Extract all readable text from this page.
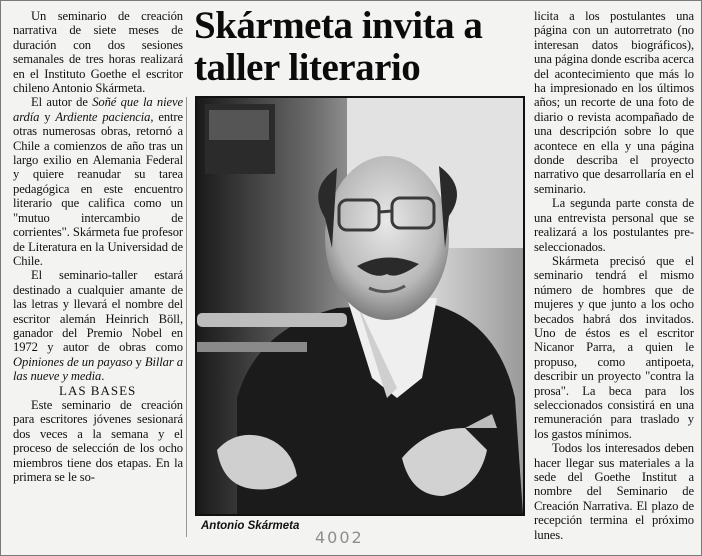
Skármeta invita a taller literario

Un seminario de creación narrativa de siete meses de duración con dos sesiones semanales de tres horas realizará en el Instituto Goethe el escritor chileno Antonio Skármeta.

El autor de Soñé que la nieve ardía y Ardiente paciencia, entre otras numerosas obras, retornó a Chile a comienzos de año tras un largo exilio en Alemania Federal y quiere reanudar su tarea pedagógica en este encuentro literario que califica como un "mutuo intercambio de corrientes". Skármeta fue profesor de Literatura en la Universidad de Chile.

El seminario-taller estará destinado a cualquier amante de las letras y llevará el nombre del escritor alemán Heinrich Böll, ganador del Premio Nobel en 1972 y autor de obras como Opiniones de un payaso y Billar a las nueve y media.

LAS BASES

Este seminario de creación para escritores jóvenes sesionará dos veces a la semana y el proceso de selección de los ocho miembros tiene dos etapas. En la primera se le so-

Antonio Skármeta
4002

licita a los postulantes una página con un autorretrato (no interesan datos biográficos), una página donde escriba acerca del acontecimiento que más lo ha impresionado en los últimos años; un recorte de una foto de diario o revista acompañado de una descripción sobre lo que acontece en ella y una página donde describa el proyecto narrativo que desarrollaría en el seminario.

La segunda parte consta de una entrevista personal que se realizará a los postulantes pre-seleccionados.

Skármeta precisó que el seminario tendrá el mismo número de hombres que de mujeres y que junto a los ocho becados habrá dos invitados. Uno de éstos es el escritor Nicanor Parra, a quien le propuso, como antipoeta, describir un proyecto "contra la prosa". La beca para los seleccionados consistirá en una remuneración para traslado y los gastos mínimos.

Todos los interesados deben hacer llegar sus materiales a la sede del Goethe Institut a nombre del Seminario de Creación Narrativa. El plazo de recepción termina el próximo lunes.
